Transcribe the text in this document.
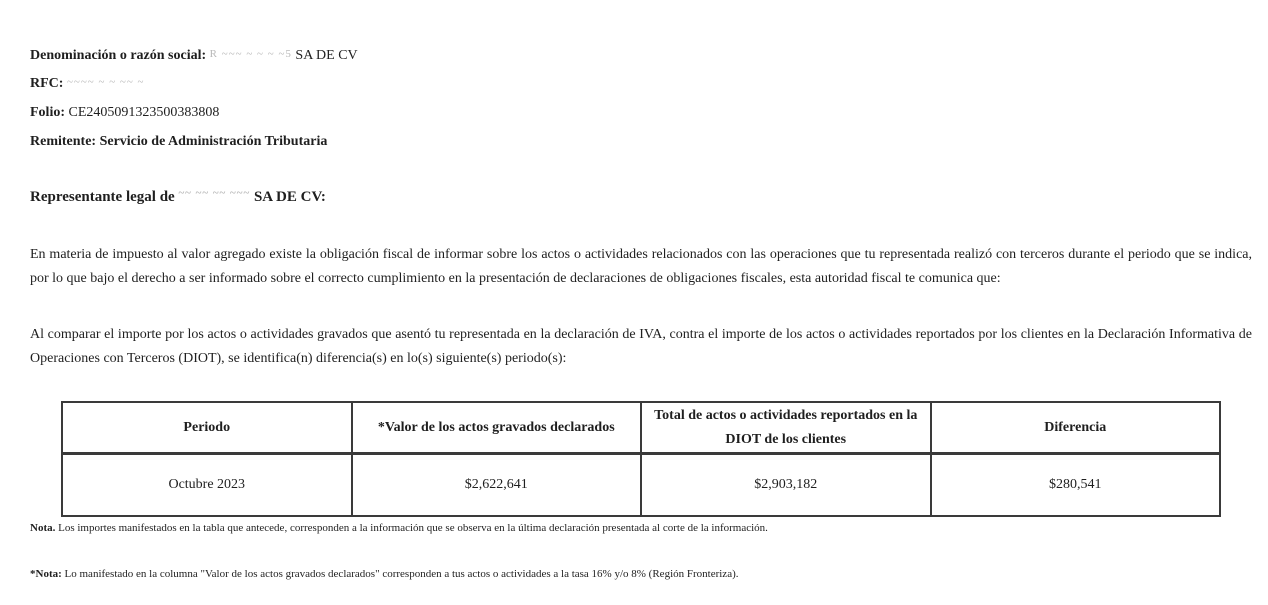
Denominación o razón social: R ~~~ ~ ~ ~ ~5 SA DE CV
RFC: ~~~~ ~ ~ ~~ ~
Folio: CE2405091323500383808
Remitente: Servicio de Administración Tributaria
Representante legal de ~~ ~~ ~~ ~~~ SA DE CV:
En materia de impuesto al valor agregado existe la obligación fiscal de informar sobre los actos o actividades relacionados con las operaciones que tu representada realizó con terceros durante el periodo que se indica, por lo que bajo el derecho a ser informado sobre el correcto cumplimiento en la presentación de declaraciones de obligaciones fiscales, esta autoridad fiscal te comunica que:
Al comparar el importe por los actos o actividades gravados que asentó tu representada en la declaración de IVA, contra el importe de los actos o actividades reportados por los clientes en la Declaración Informativa de Operaciones con Terceros (DIOT), se identifica(n) diferencia(s) en lo(s) siguiente(s) periodo(s):
Nota. Los importes manifestados en la tabla que antecede, corresponden a la información que se observa en la última declaración presentada al corte de la información.
*Nota: Lo manifestado en la columna "Valor de los actos gravados declarados" corresponden a tus actos o actividades a la tasa 16% y/o 8% (Región Fronteriza).
Periodo	*Valor de los actos gravados declarados	Total de actos o actividades reportados en la DIOT de los clientes	Diferencia
Octubre 2023	$2,622,641	$2,903,182	$280,541
